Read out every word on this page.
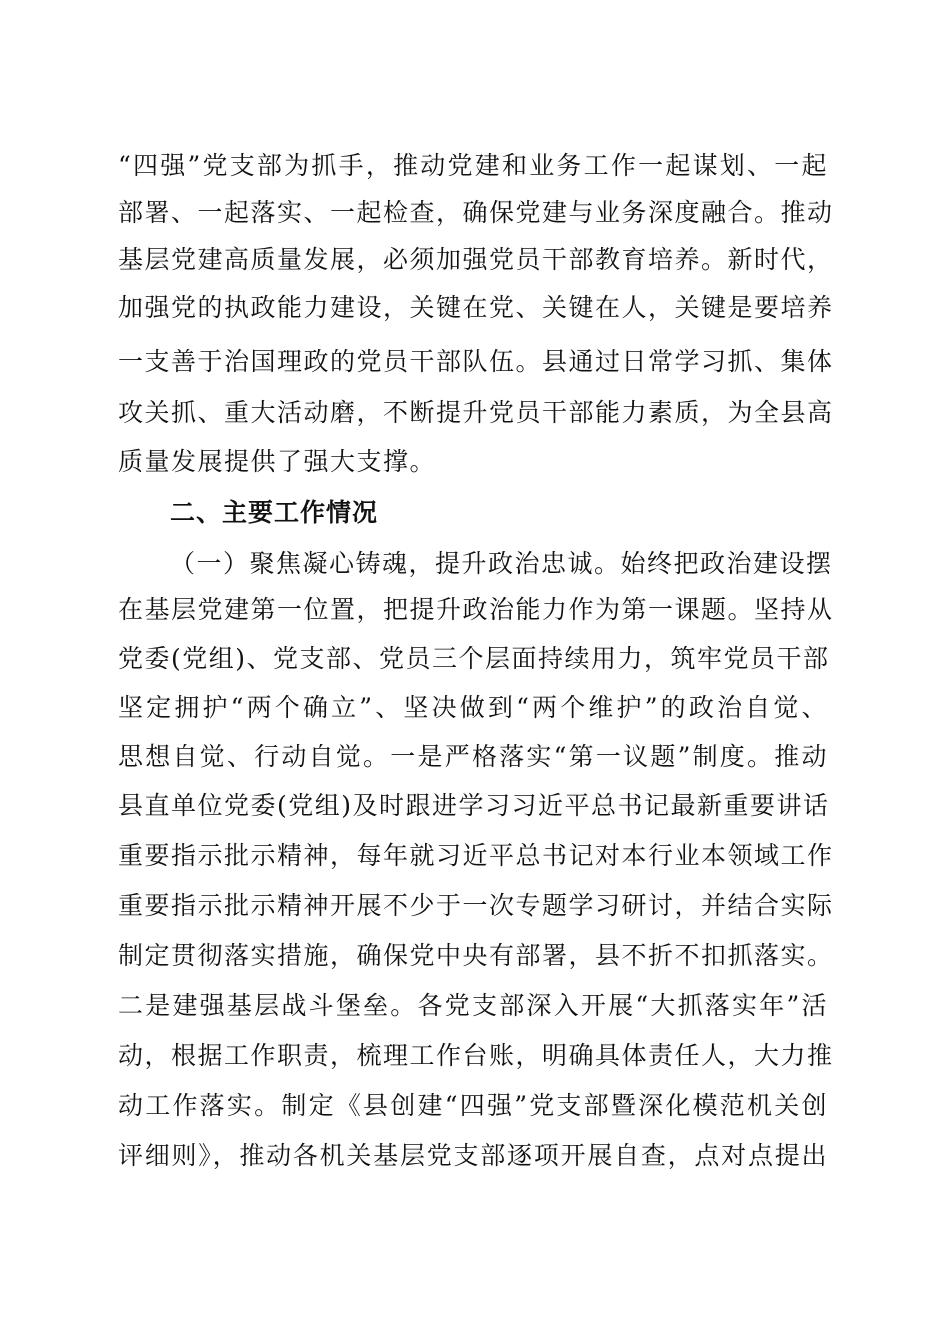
“四强”党支部为抓手，推动党建和业务工作一起谋划、一起
部署、一起落实、一起检查，确保党建与业务深度融合。推动
基层党建高质量发展，必须加强党员干部教育培养。新时代，
加强党的执政能力建设，关键在党、关键在人，关键是要培养
一支善于治国理政的党员干部队伍。县通过日常学习抓、集体
攻关抓、重大活动磨，不断提升党员干部能力素质，为全县高
质量发展提供了强大支撑。
二、主要工作情况
（一）聚焦凝心铸魂，提升政治忠诚。始终把政治建设摆
在基层党建第一位置，把提升政治能力作为第一课题。坚持从
党委(党组)、党支部、党员三个层面持续用力，筑牢党员干部
坚定拥护“两个确立”、坚决做到“两个维护”的政治自觉、
思想自觉、行动自觉。一是严格落实“第一议题”制度。推动
县直单位党委(党组)及时跟进学习习近平总书记最新重要讲话
重要指示批示精神，每年就习近平总书记对本行业本领域工作
重要指示批示精神开展不少于一次专题学习研讨，并结合实际
制定贯彻落实措施，确保党中央有部署，县不折不扣抓落实。
二是建强基层战斗堡垒。各党支部深入开展“大抓落实年”活
动，根据工作职责，梳理工作台账，明确具体责任人，大力推
动工作落实。制定《县创建“四强”党支部暨深化模范机关创
评细则》，推动各机关基层党支部逐项开展自查，点对点提出
